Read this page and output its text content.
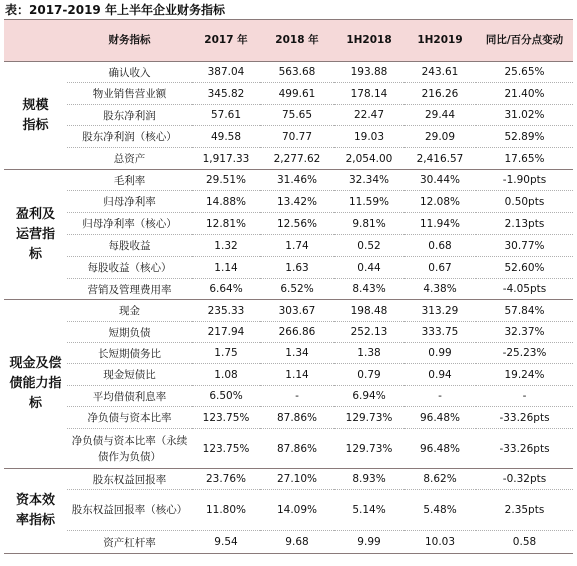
表：2017-2019 年上半年企业财务指标
	财务指标	2017 年	2018 年	1H2018	1H2019	同比/百分点变动

规模指标	确认收入	387.04	563.68	193.88	243.61	25.65%
	物业销售营业额	345.82	499.61	178.14	216.26	21.40%
	股东净利润	57.61	75.65	22.47	29.44	31.02%
	股东净利润（核心）	49.58	70.77	19.03	29.09	52.89%
	总资产	1,917.33	2,277.62	2,054.00	2,416.57	17.65%

盈利及运营指标	毛利率	29.51%	31.46%	32.34%	30.44%	-1.90pts
	归母净利率	14.88%	13.42%	11.59%	12.08%	0.50pts
	归母净利率（核心）	12.81%	12.56%	9.81%	11.94%	2.13pts
	每股收益	1.32	1.74	0.52	0.68	30.77%
	每股收益（核心）	1.14	1.63	0.44	0.67	52.60%
	营销及管理费用率	6.64%	6.52%	8.43%	4.38%	-4.05pts

现金及偿债能力指标	现金	235.33	303.67	198.48	313.29	57.84%
	短期负债	217.94	266.86	252.13	333.75	32.37%
	长短期债务比	1.75	1.34	1.38	0.99	-25.23%
	现金短债比	1.08	1.14	0.79	0.94	19.24%
	平均借债利息率	6.50%	-	6.94%	-	-
	净负债与资本比率	123.75%	87.86%	129.73%	96.48%	-33.26pts
	净负债与资本比率（永续债作为负债）	123.75%	87.86%	129.73%	96.48%	-33.26pts

资本效率指标	股东权益回报率	23.76%	27.10%	8.93%	8.62%	-0.32pts
	股东权益回报率（核心）	11.80%	14.09%	5.14%	5.48%	2.35pts
	资产杠杆率	9.54	9.68	9.99	10.03	0.58
